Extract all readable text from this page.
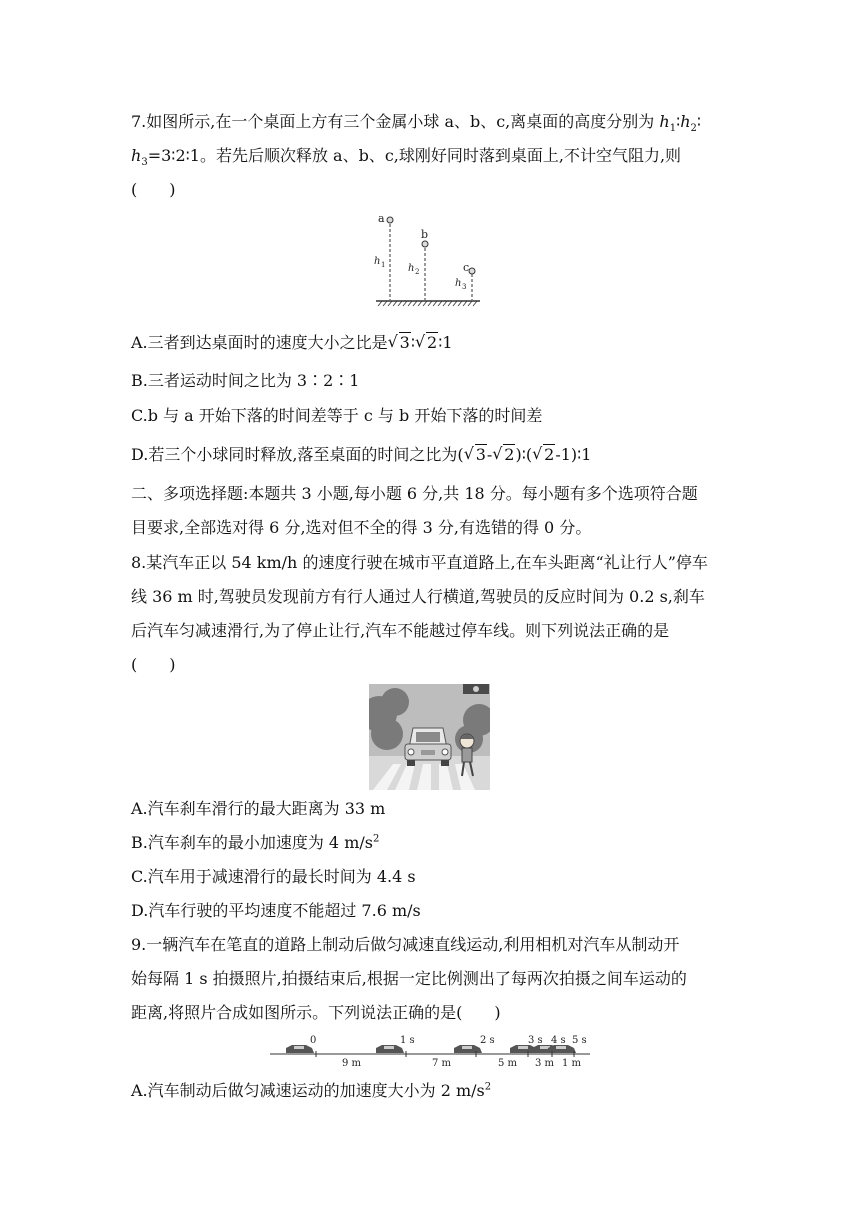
7.如图所示,在一个桌面上方有三个金属小球 a、b、c,离桌面的高度分别为 $h_1∶h_2∶$
$h_3=3∶2∶1$。若先后顺次释放 a、b、c,球刚好同时落到桌面上,不计空气阻力,则
(　　)
a
b
c
h 1 h 2
h 3
A.三者到达桌面时的速度大小之比是 √ 3∶ √ 2∶1
B.三者运动时间之比为 3∶2∶1
C.b 与 a 开始下落的时间差等于 c 与 b 开始下落的时间差
D.若三个小球同时释放,落至桌面的时间之比为( √ 3- √ 2)∶( √ 2-1)∶1
二、多项选择题:本题共 3 小题,每小题 6 分,共 18 分。每小题有多个选项符合题
目要求,全部选对得 6 分,选对但不全的得 3 分,有选错的得 0 分。
8.某汽车正以 54 km/h 的速度行驶在城市平直道路上,在车头距离“礼让行人”停车
线 36 m 时,驾驶员发现前方有行人通过人行横道,驾驶员的反应时间为 0.2 s,刹车
后汽车匀减速滑行,为了停止让行,汽车不能越过停车线。则下列说法正确的是
(　　)
A.汽车刹车滑行的最大距离为 33 m
B.汽车刹车的最小加速度为 4 $m/s^2$
C.汽车用于减速滑行的最长时间为 4.4 s
D.汽车行驶的平均速度不能超过 7.6 m/s
9.一辆汽车在笔直的道路上制动后做匀减速直线运动,利用相机对汽车从制动开
始每隔 1 s 拍摄照片,拍摄结束后,根据一定比例测出了每两次拍摄之间车运动的
距离,将照片合成如图所示。下列说法正确的是(　　)
0	1 s	2 s	3 s 4 s 5 s
9 m	7 m	5 m 3 m 1 m
A.汽车制动后做匀减速运动的加速度大小为 2 $m/s^2$
